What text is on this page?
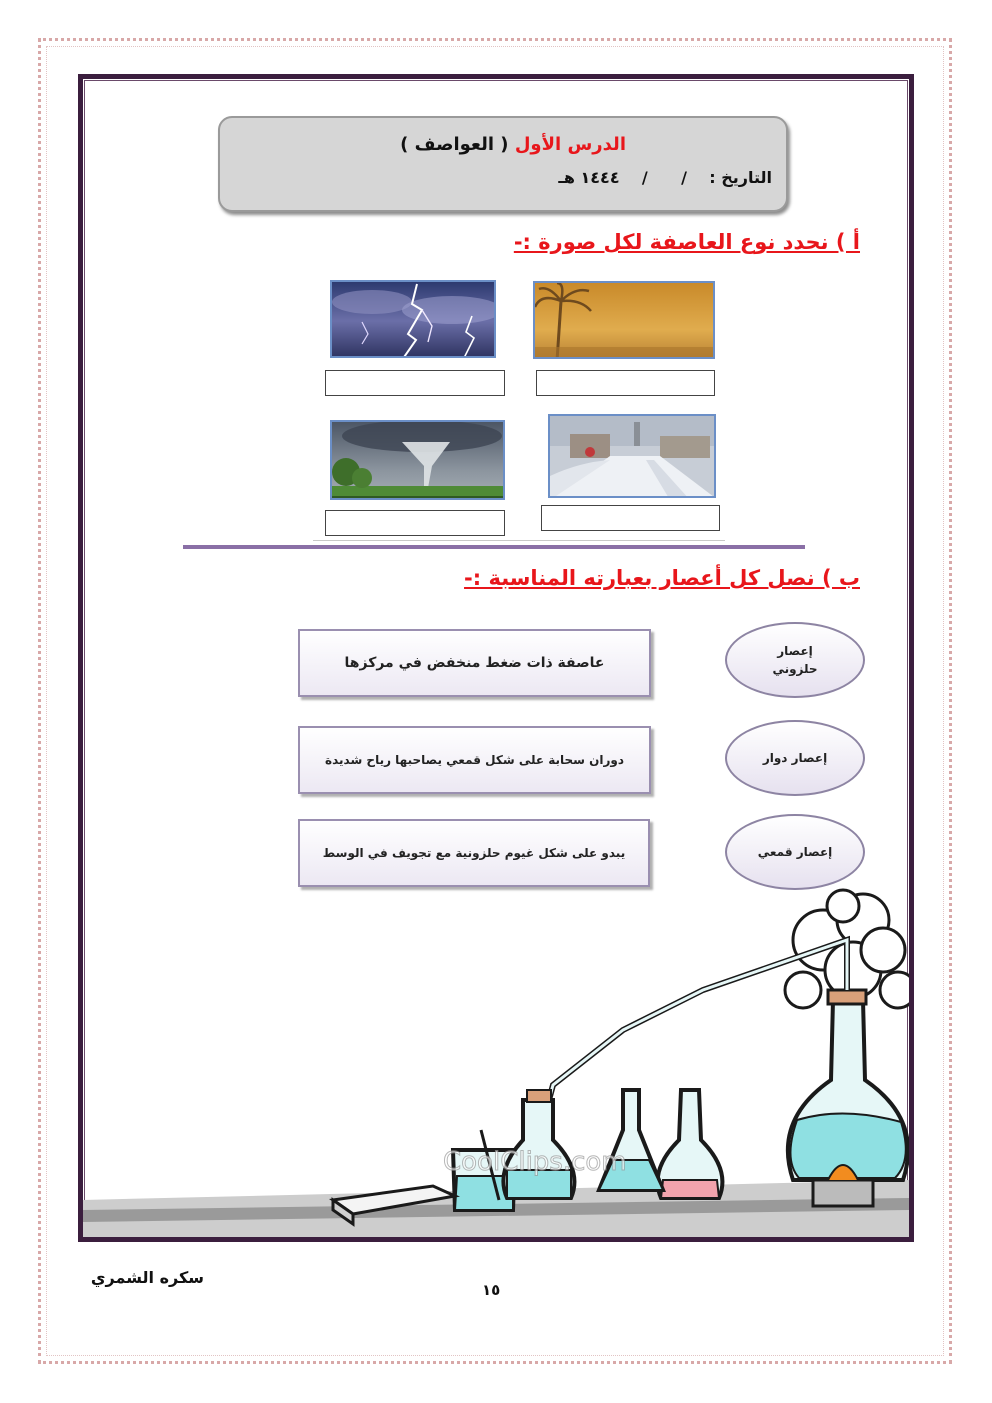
الدرس الأول ( العواصف )
التاريخ :    /      /    ١٤٤٤ هـ
أ ) نحدد نوع العاصفة لكل صورة :-
ب ) نصل كل أعصار بعبارته المناسبة :-
عاصفة ذات ضغط منخفض في مركزها
دوران سحابة على شكل قمعي يصاحبها رياح شديدة
يبدو على شكل غيوم حلزونية مع تجويف في الوسط
إعصار
حلزوني
إعصار دوار
إعصار قمعي
CoolClips.com
سكره الشمري
١٥
